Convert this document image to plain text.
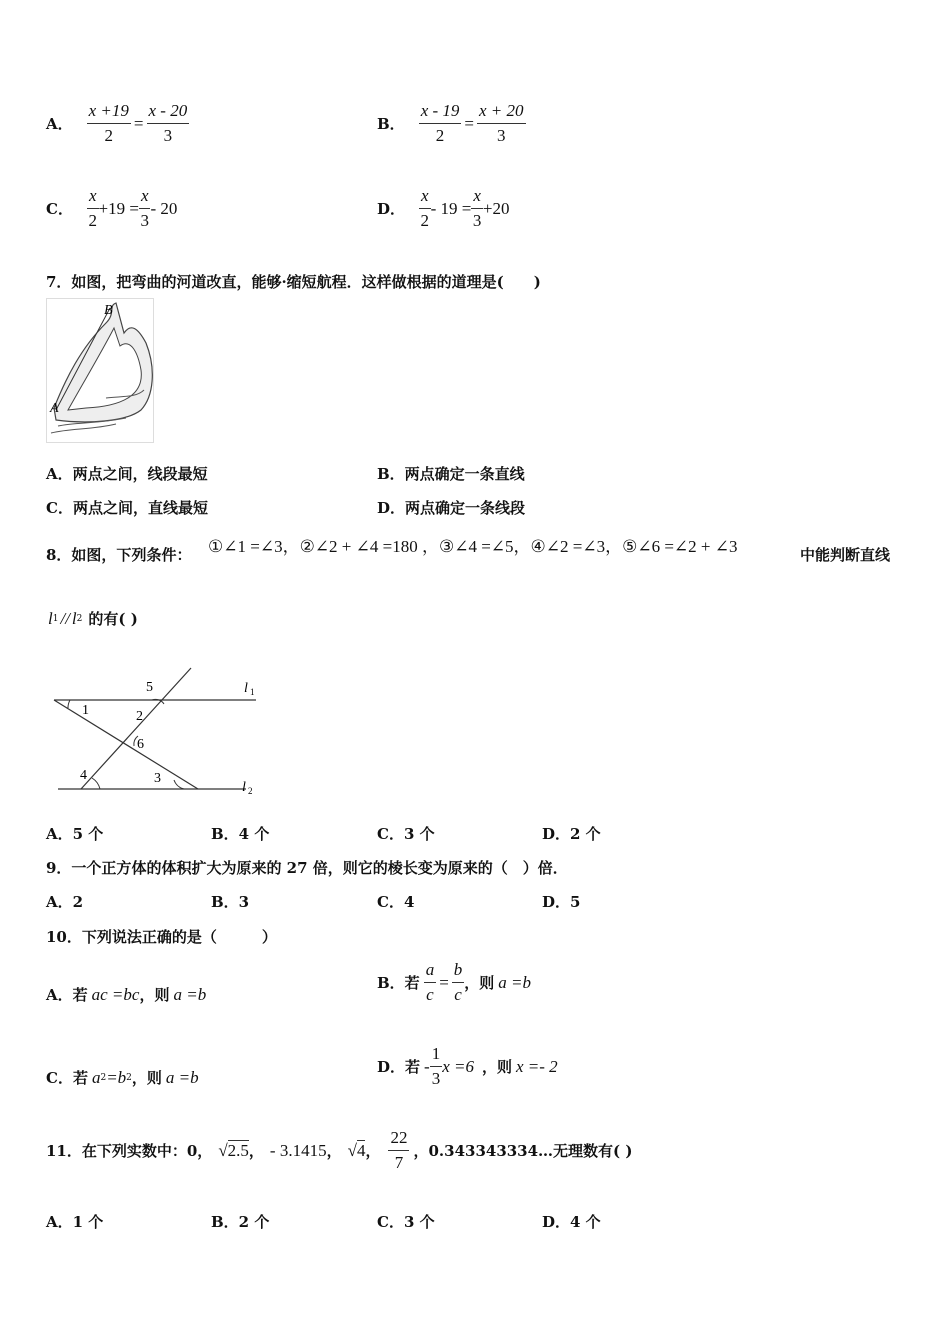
A． $\frac{x +19}{2} = \frac{x - 20}{3}$	B． $\frac{x - 19}{2} = \frac{x + 20}{3}$
C． $\frac{x}{2} +19 = \frac{x}{3} - 20$	D． $\frac{x}{2} - 19 = \frac{x}{3} +20$
7．如图，把弯曲的河道改直，能够·缩短航程．这样做根据的道理是(　　)
B
A
A．两点之间，线段最短	B．两点确定一条直线
C．两点之间，直线最短	D．两点确定一条线段
8．如图，下列条件： ①∠1 =∠3，②∠2 + ∠4 =180 ，③∠4 =∠5，④∠2 =∠3，⑤∠6 =∠2 + ∠3	中能判断直线
l 1 // l 2 的有( )
1	2
3
4
5
6
l 1
l 2
A．5 个	B．4 个	C．3 个	D．2 个
9．一个正方体的体积扩大为原来的 27 倍，则它的棱长变为原来的（　）倍．
A．2	B．3	C．4	D．5
10．下列说法正确的是（　　　）
A．若 ac =bc ，则 a =b
B．若 $\frac{a}{c} = \frac{b}{c}$ ，则 a =b
C．若 a 2 =b 2 ，则 a =b
D．若 - $\frac{1}{3}$ x =6 ，则 x =- 2
11．在下列实数中：0， √2.5 ， - 3.1415 ， √4 ， $\frac{22}{7}$ ，0.343343334…无理数有( )
A．1 个	B．2 个	C．3 个	D．4 个
